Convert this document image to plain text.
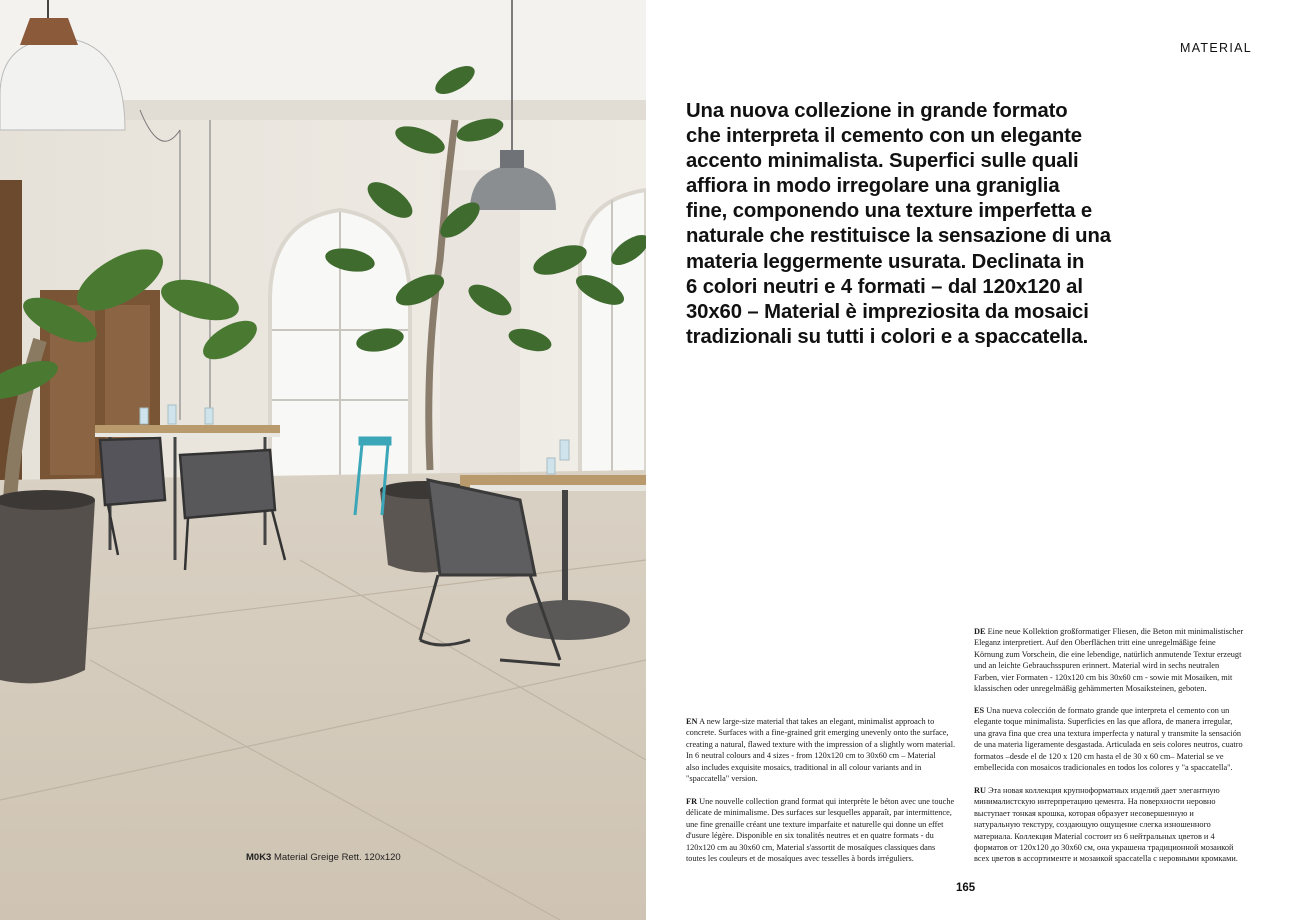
M0K3 Material Greige Rett. 120x120
MATERIAL
Una nuova collezione in grande formato
che interpreta il cemento con un elegante
accento minimalista. Superfici sulle quali
affiora in modo irregolare una graniglia
fine, componendo una texture imperfetta e
naturale che restituisce la sensazione di una
materia leggermente usurata. Declinata in
6 colori neutri e 4 formati – dal 120x120 al
30x60 – Material è impreziosita da mosaici
tradizionali su tutti i colori e a spaccatella.
EN A new large-size material that takes an elegant, minimalist approach to
concrete. Surfaces with a fine-grained grit emerging unevenly onto the surface,
creating a natural, flawed texture with the impression of a slightly worn material.
In 6 neutral colours and 4 sizes - from 120x120 cm to 30x60 cm – Material
also includes exquisite mosaics, traditional in all colour variants and in
"spaccatella" version.
FR Une nouvelle collection grand format qui interprète le béton avec une touche
délicate de minimalisme. Des surfaces sur lesquelles apparaît, par intermittence,
une fine grenaille créant une texture imparfaite et naturelle qui donne un effet
d'usure légère. Disponible en six tonalités neutres et en quatre formats - du
120x120 cm au 30x60 cm, Material s'assortit de mosaïques classiques dans
toutes les couleurs et de mosaïques avec tesselles à bords irréguliers.
DE Eine neue Kollektion großformatiger Fliesen, die Beton mit minimalistischer
Eleganz interpretiert. Auf den Oberflächen tritt eine unregelmäßige feine
Körnung zum Vorschein, die eine lebendige, natürlich anmutende Textur erzeugt
und an leichte Gebrauchsspuren erinnert. Material wird in sechs neutralen
Farben, vier Formaten - 120x120 cm bis 30x60 cm - sowie mit Mosaiken, mit
klassischen oder unregelmäßig gehämmerten Mosaiksteinen, geboten.
ES Una nueva colección de formato grande que interpreta el cemento con un
elegante toque minimalista. Superficies en las que aflora, de manera irregular,
una grava fina que crea una textura imperfecta y natural y transmite la sensación
de una materia ligeramente desgastada. Articulada en seis colores neutros, cuatro
formatos –desde el de 120 x 120 cm hasta el de 30 x 60 cm– Material se ve
embellecida con mosaicos tradicionales en todos los colores y "a spaccatella".
RU Эта новая коллекция крупноформатных изделий дает элегантную
минималистскую интерпретацию цемента. На поверхности неровно
выступает тонкая крошка, которая образует несовершенную и
натуральную текстуру, создающую ощущение слегка изношенного
материала. Коллекция Material состоит из 6 нейтральных цветов и 4
форматов от 120x120 до 30x60 см, она украшена традиционной мозаикой
всех цветов в ассортименте и мозаикой spaccatella с неровными кромками.
165
